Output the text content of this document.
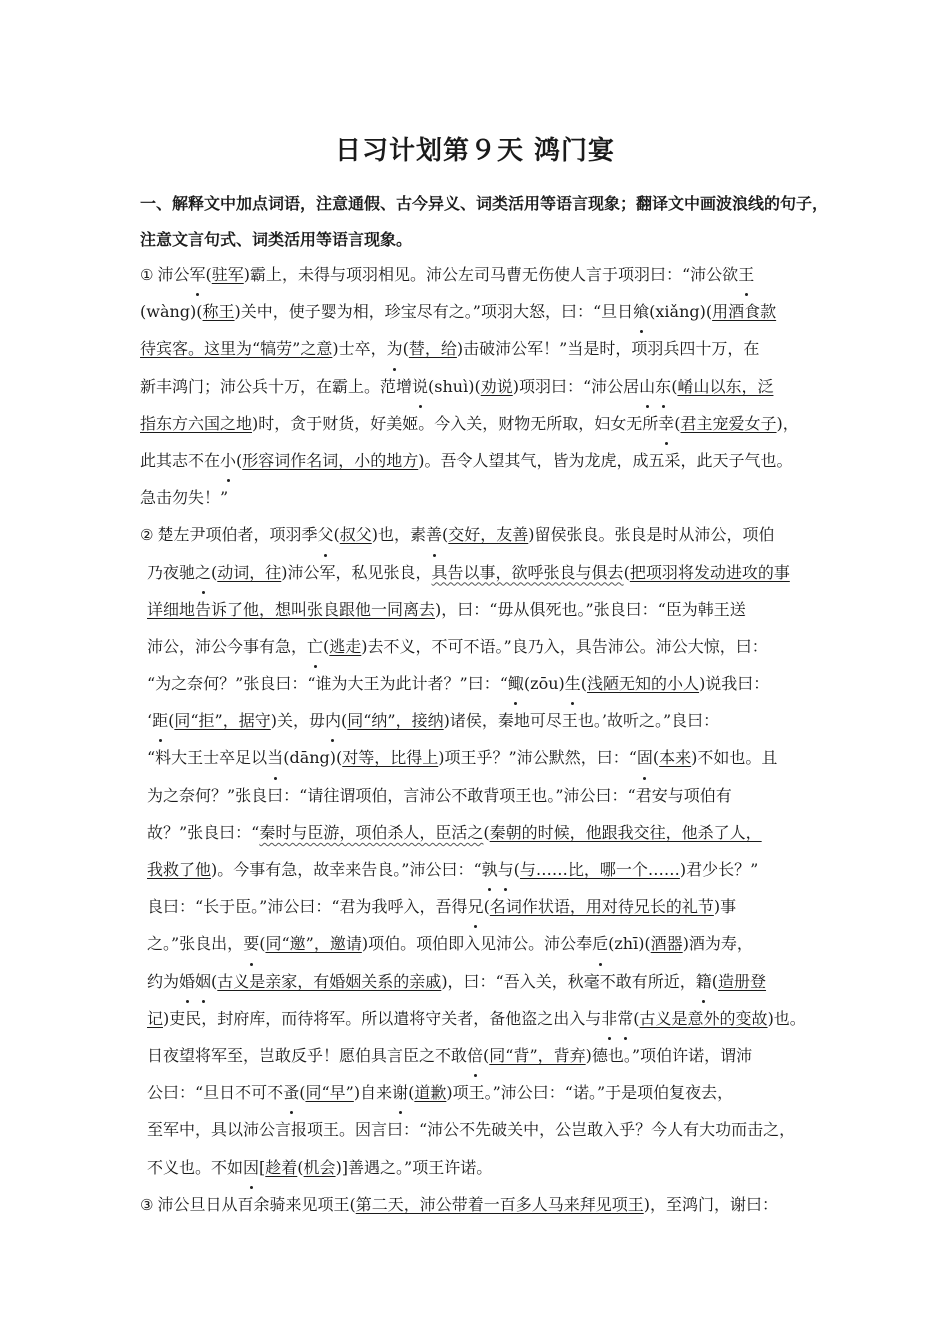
日习计划第９天 鸿门宴
一、解释文中加点词语，注意通假、古今异义、词类活用等语言现象；翻译文中画波浪线的句子，注意文言句式、词类活用等语言现象。
① 沛公军(驻军)霸上，未得与项羽相见。沛公左司马曹无伤使人言于项羽曰：“沛公欲王
(wàng)(称王)关中，使子婴为相，珍宝尽有之。”项羽大怒，曰：“旦日飨(xiǎng)(用酒食款
待宾客。这里为“犒劳”之意)士卒，为(替，给)击破沛公军！”当是时，项羽兵四十万，在
新丰鸿门；沛公兵十万，在霸上。范增说(shuì)(劝说)项羽曰：“沛公居山东(崤山以东，泛
指东方六国之地)时，贪于财货，好美姬。今入关，财物无所取，妇女无所幸(君主宠爱女子)，
此其志不在小(形容词作名词，小的地方)。吾令人望其气，皆为龙虎，成五采，此天子气也。
急击勿失！”
② 楚左尹项伯者，项羽季父(叔父)也，素善(交好，友善)留侯张良。张良是时从沛公，项伯
乃夜驰之(动词，往)沛公军，私见张良，具告以事，欲呼张良与俱去(把项羽将发动进攻的事
详细地告诉了他，想叫张良跟他一同离去)，曰：“毋从俱死也。”张良曰：“臣为韩王送
沛公，沛公今事有急，亡(逃走)去不义，不可不语。”良乃入，具告沛公。沛公大惊，曰：
“为之奈何？”张良曰：“谁为大王为此计者？”曰：“鲰(zōu)生(浅陋无知的小人)说我曰：
‘距(同“拒”，据守)关，毋内(同“纳”，接纳)诸侯，秦地可尽王也。’故听之。”良曰：
“料大王士卒足以当(dāng)(对等，比得上)项王乎？”沛公默然，曰：“固(本来)不如也。且
为之奈何？”张良曰：“请往谓项伯，言沛公不敢背项王也。”沛公曰：“君安与项伯有
故？”张良曰：“秦时与臣游，项伯杀人，臣活之(秦朝的时候，他跟我交往，他杀了人，
我救了他)。今事有急，故幸来告良。”沛公曰：“孰与(与……比，哪一个……)君少长？”
良曰：“长于臣。”沛公曰：“君为我呼入，吾得兄(名词作状语，用对待兄长的礼节)事
之。”张良出，要(同“邀”，邀请)项伯。项伯即入见沛公。沛公奉卮(zhī)(酒器)酒为寿，
约为婚姻(古义是亲家，有婚姻关系的亲戚)，曰：“吾入关，秋毫不敢有所近，籍(造册登
记)吏民，封府库，而待将军。所以遣将守关者，备他盗之出入与非常(古义是意外的变故)也。
日夜望将军至，岂敢反乎！愿伯具言臣之不敢倍(同“背”，背弃)德也。”项伯许诺，谓沛
公曰：“旦日不可不蚤(同“早”)自来谢(道歉)项王。”沛公曰：“诺。”于是项伯复夜去，
至军中，具以沛公言报项王。因言曰：“沛公不先破关中，公岂敢入乎？今人有大功而击之，
不义也。不如因[趁着(机会)]善遇之。”项王许诺。
③ 沛公旦日从百余骑来见项王(第二天，沛公带着一百多人马来拜见项王)，至鸿门，谢曰：
